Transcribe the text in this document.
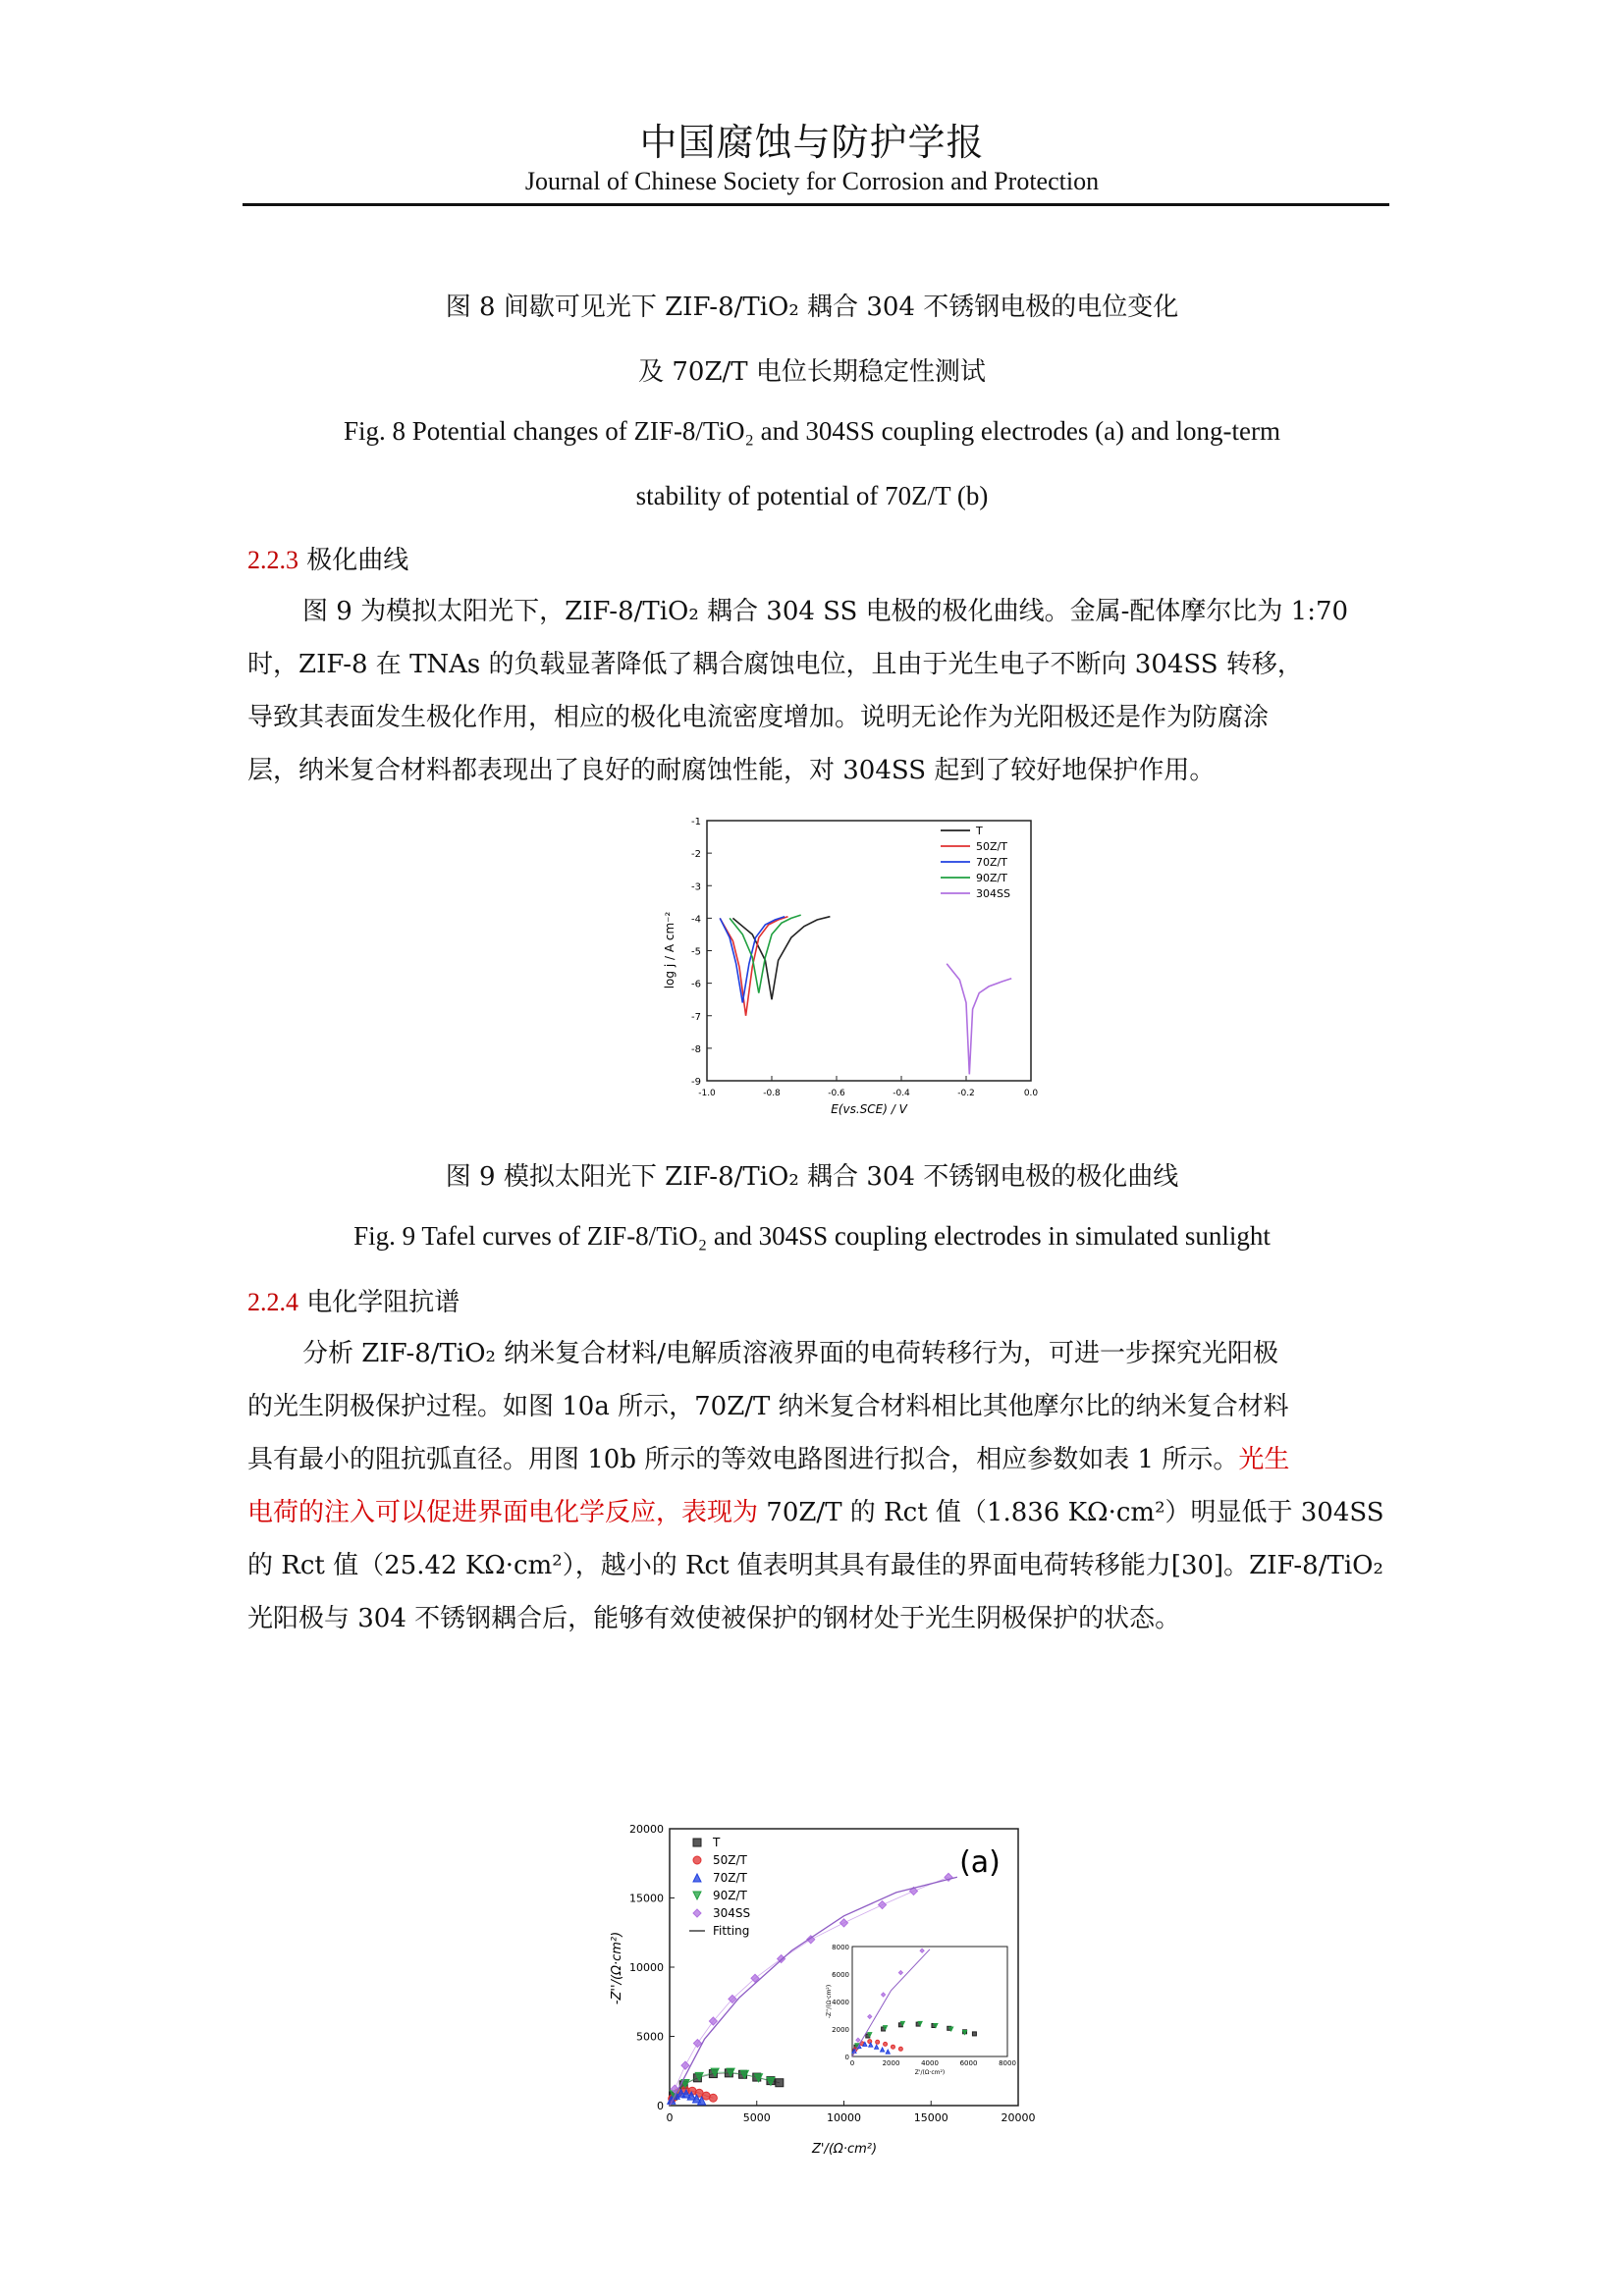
中国腐蚀与防护学报
Journal of Chinese Society for Corrosion and Protection
图 8 间歇可见光下 ZIF-8/TiO₂ 耦合 304 不锈钢电极的电位变化
及 70Z/T 电位长期稳定性测试
Fig. 8 Potential changes of ZIF-8/TiO₂ and 304SS coupling electrodes (a) and long-term
stability of potential of 70Z/T (b)
2.2.3 极化曲线
图 9 为模拟太阳光下，ZIF-8/TiO₂ 耦合 304 SS 电极的极化曲线。金属-配体摩尔比为 1:70
时，ZIF-8 在 TNAs 的负载显著降低了耦合腐蚀电位，且由于光生电子不断向 304SS 转移，
导致其表面发生极化作用，相应的极化电流密度增加。说明无论作为光阳极还是作为防腐涂
层，纳米复合材料都表现出了良好的耐腐蚀性能，对 304SS 起到了较好地保护作用。
-1
-2
-3
-4
-5
-6
-7
-8
-9
-1.0	-0.8	-0.6	-0.4	-0.2	0.0
T
50Z/T
70Z/T
90Z/T
304SS
log j / A cm⁻²
E(vs.SCE) / V
图 9 模拟太阳光下 ZIF-8/TiO₂ 耦合 304 不锈钢电极的极化曲线
Fig. 9 Tafel curves of ZIF-8/TiO₂ and 304SS coupling electrodes in simulated sunlight
2.2.4 电化学阻抗谱
分析 ZIF-8/TiO₂ 纳米复合材料/电解质溶液界面的电荷转移行为，可进一步探究光阳极
的光生阴极保护过程。如图 10a 所示，70Z/T 纳米复合材料相比其他摩尔比的纳米复合材料
具有最小的阻抗弧直径。用图 10b 所示的等效电路图进行拟合，相应参数如表 1 所示。光生
电荷的注入可以促进界面电化学反应，表现为 70Z/T 的 Rct 值（1.836 KΩ·cm²）明显低于 304SS
的 Rct 值（25.42 KΩ·cm²），越小的 Rct 值表明其具有最佳的界面电荷转移能力[30]。ZIF-8/TiO₂
光阳极与 304 不锈钢耦合后，能够有效使被保护的钢材处于光生阴极保护的状态。
0
5000
10000
15000
20000
0	5000	10000	15000	20000
T
50Z/T
70Z/T
90Z/T
304SS
Fitting
(a)
0
2000
4000
6000
8000
0	2000	4000	6000	8000
Z'/(Ω·cm²)
-Z''/(Ω·cm²)
-Z''/(Ω·cm²)
Z'/(Ω·cm²)
